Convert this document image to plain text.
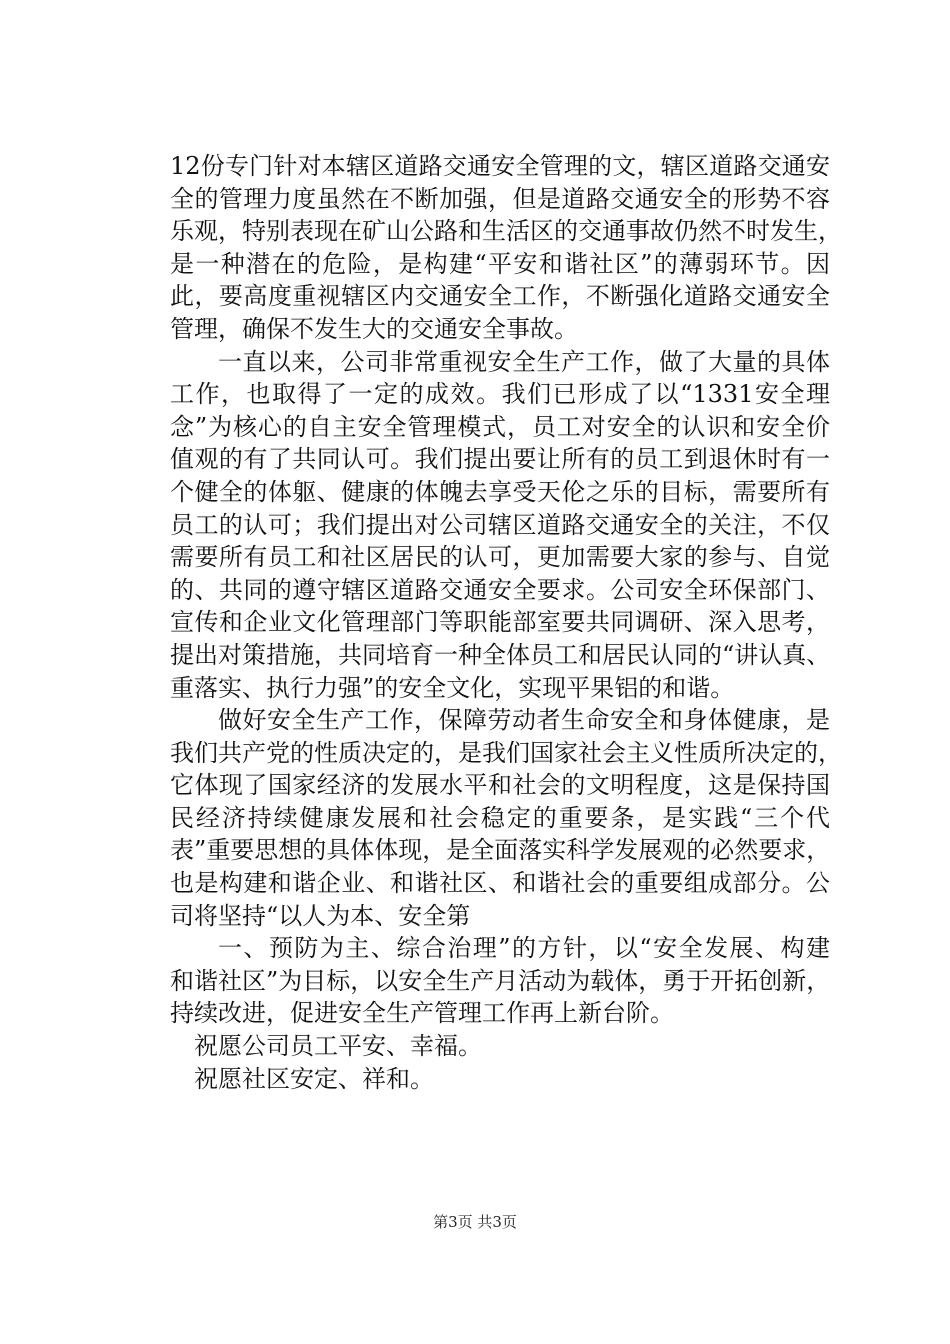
12份专门针对本辖区道路交通安全管理的文，辖区道路交通安
全的管理力度虽然在不断加强，但是道路交通安全的形势不容
乐观，特别表现在矿山公路和生活区的交通事故仍然不时发生，
是一种潜在的危险，是构建“平安和谐社区”的薄弱环节。因
此，要高度重视辖区内交通安全工作，不断强化道路交通安全
管理，确保不发生大的交通安全事故。
一直以来，公司非常重视安全生产工作，做了大量的具体
工作，也取得了一定的成效。我们已形成了以“1331安全理
念”为核心的自主安全管理模式，员工对安全的认识和安全价
值观的有了共同认可。我们提出要让所有的员工到退休时有一
个健全的体躯、健康的体魄去享受天伦之乐的目标，需要所有
员工的认可；我们提出对公司辖区道路交通安全的关注，不仅
需要所有员工和社区居民的认可，更加需要大家的参与、自觉
的、共同的遵守辖区道路交通安全要求。公司安全环保部门、
宣传和企业文化管理部门等职能部室要共同调研、深入思考，
提出对策措施，共同培育一种全体员工和居民认同的“讲认真、
重落实、执行力强”的安全文化，实现平果铝的和谐。
做好安全生产工作，保障劳动者生命安全和身体健康，是
我们共产党的性质决定的，是我们国家社会主义性质所决定的，
它体现了国家经济的发展水平和社会的文明程度，这是保持国
民经济持续健康发展和社会稳定的重要条，是实践“三个代
表”重要思想的具体体现，是全面落实科学发展观的必然要求，
也是构建和谐企业、和谐社区、和谐社会的重要组成部分。公
司将坚持“以人为本、安全第
一、预防为主、综合治理”的方针，以“安全发展、构建
和谐社区”为目标，以安全生产月活动为载体，勇于开拓创新，
持续改进，促进安全生产管理工作再上新台阶。
祝愿公司员工平安、幸福。
祝愿社区安定、祥和。
第3页 共3页
